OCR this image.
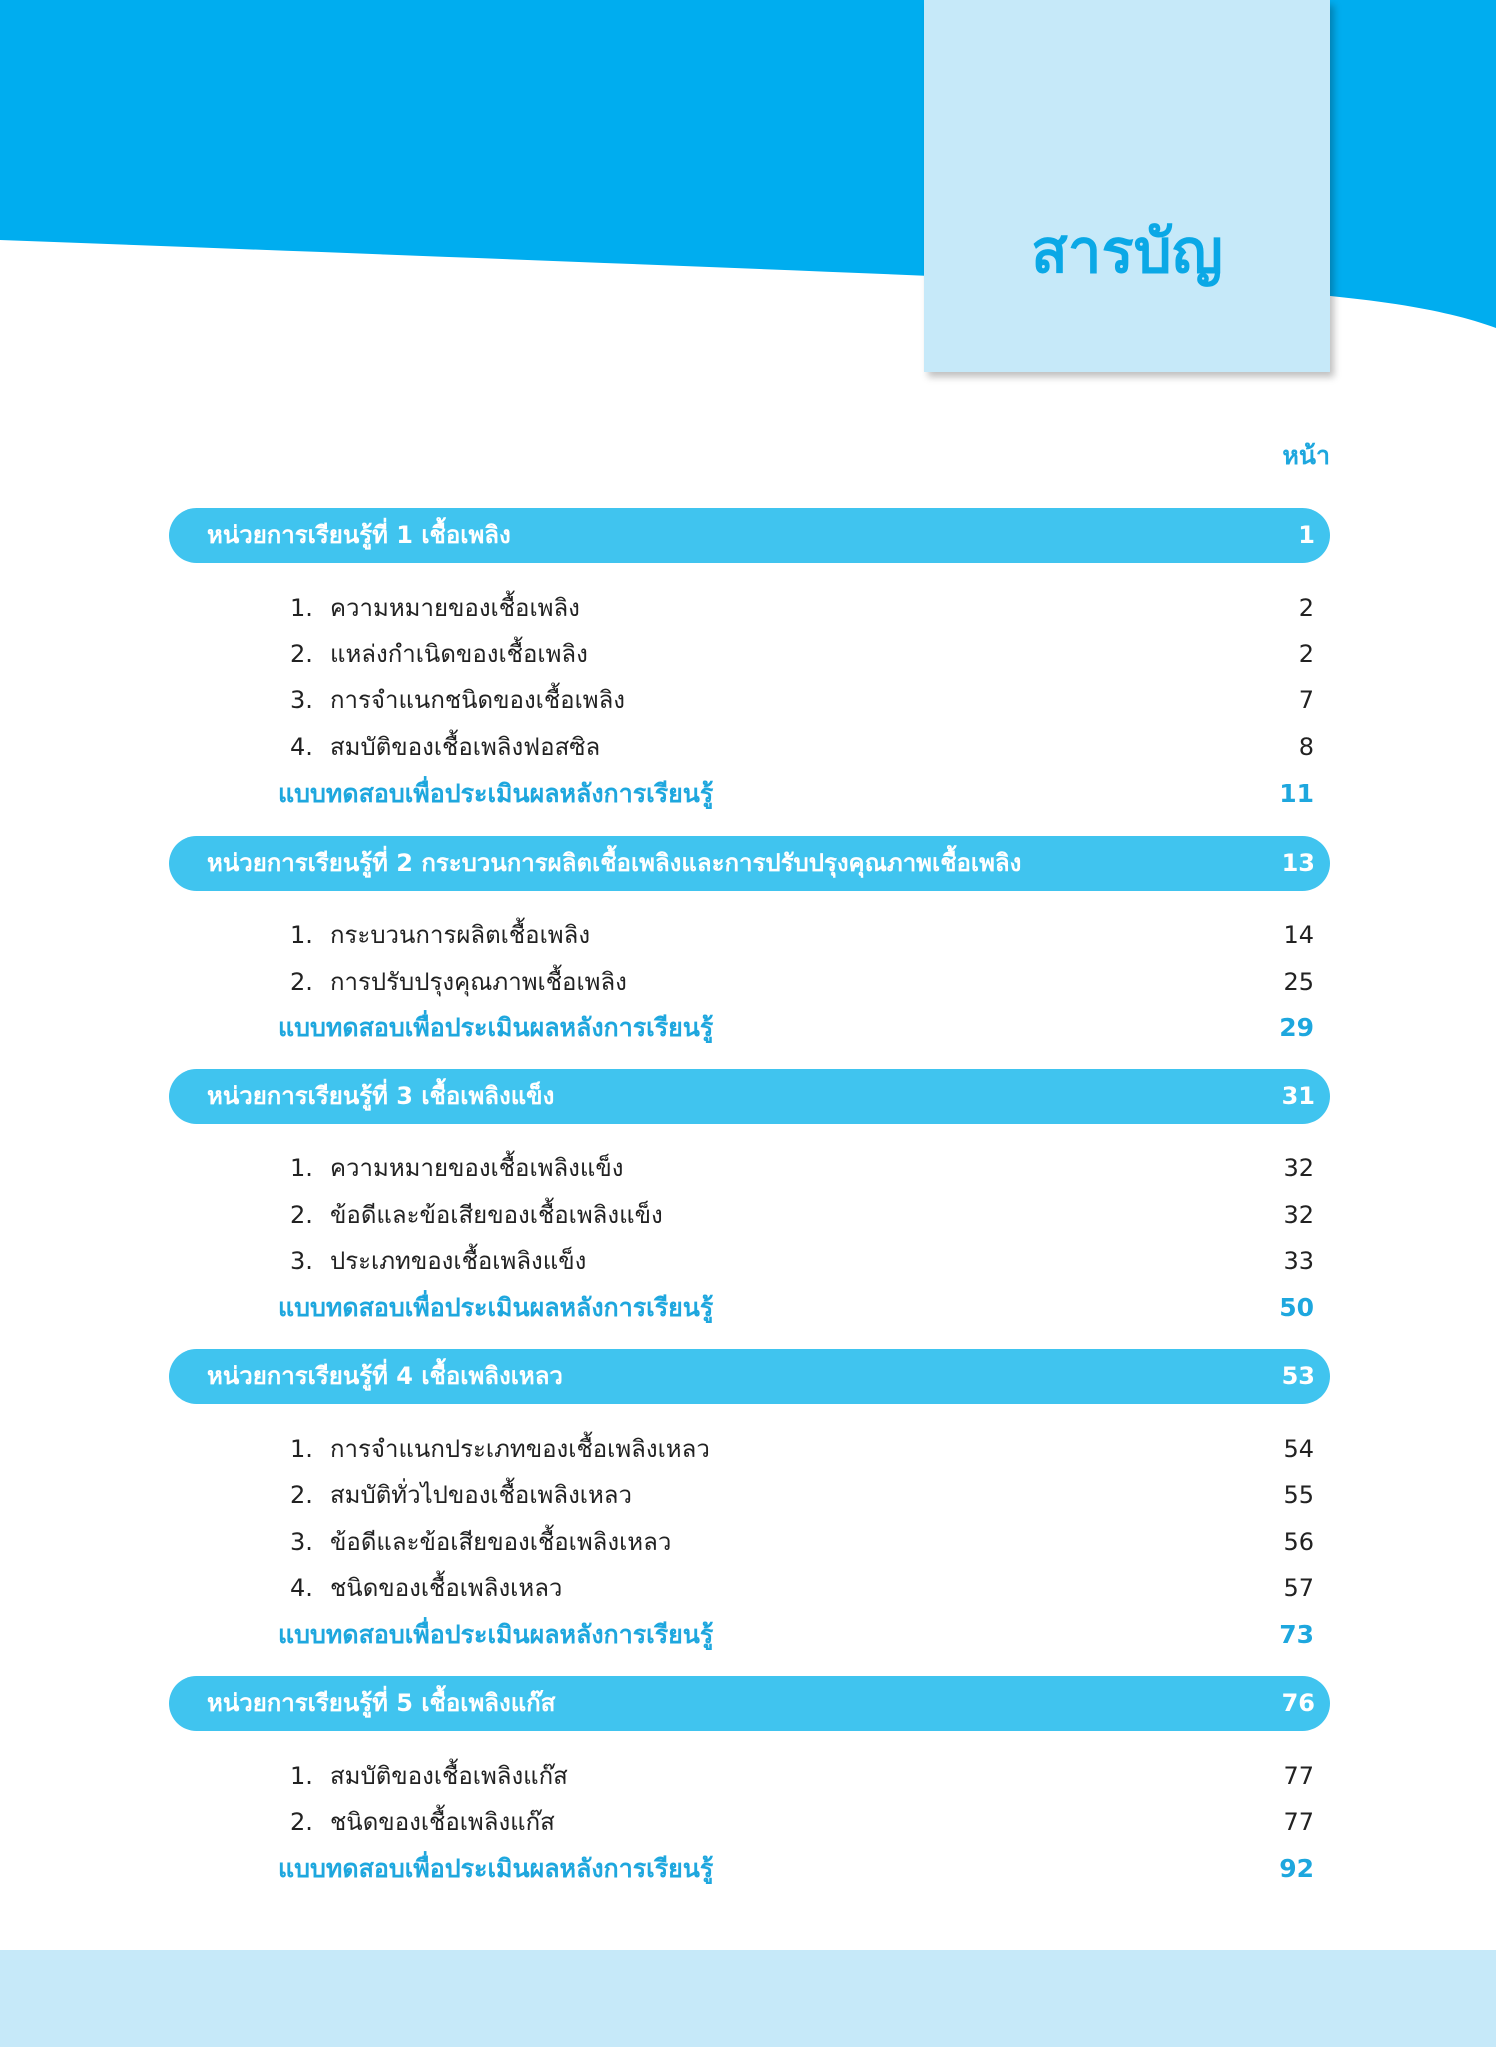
สารบัญ
หน้า
หน่วยการเรียนรู้ที่ 1 เชื้อเพลิง	1
1. ความหมายของเชื้อเพลิง	2
2. แหล่งกำเนิดของเชื้อเพลิง	2
3. การจำแนกชนิดของเชื้อเพลิง	7
4. สมบัติของเชื้อเพลิงฟอสซิล	8
แบบทดสอบเพื่อประเมินผลหลังการเรียนรู้	11
หน่วยการเรียนรู้ที่ 2 กระบวนการผลิตเชื้อเพลิงและการปรับปรุงคุณภาพเชื้อเพลิง	13
1. กระบวนการผลิตเชื้อเพลิง	14
2. การปรับปรุงคุณภาพเชื้อเพลิง	25
แบบทดสอบเพื่อประเมินผลหลังการเรียนรู้	29
หน่วยการเรียนรู้ที่ 3 เชื้อเพลิงแข็ง	31
1. ความหมายของเชื้อเพลิงแข็ง	32
2. ข้อดีและข้อเสียของเชื้อเพลิงแข็ง	32
3. ประเภทของเชื้อเพลิงแข็ง	33
แบบทดสอบเพื่อประเมินผลหลังการเรียนรู้	50
หน่วยการเรียนรู้ที่ 4 เชื้อเพลิงเหลว	53
1. การจำแนกประเภทของเชื้อเพลิงเหลว	54
2. สมบัติทั่วไปของเชื้อเพลิงเหลว	55
3. ข้อดีและข้อเสียของเชื้อเพลิงเหลว	56
4. ชนิดของเชื้อเพลิงเหลว	57
แบบทดสอบเพื่อประเมินผลหลังการเรียนรู้	73
หน่วยการเรียนรู้ที่ 5 เชื้อเพลิงแก๊ส	76
1. สมบัติของเชื้อเพลิงแก๊ส	77
2. ชนิดของเชื้อเพลิงแก๊ส	77
แบบทดสอบเพื่อประเมินผลหลังการเรียนรู้	92
